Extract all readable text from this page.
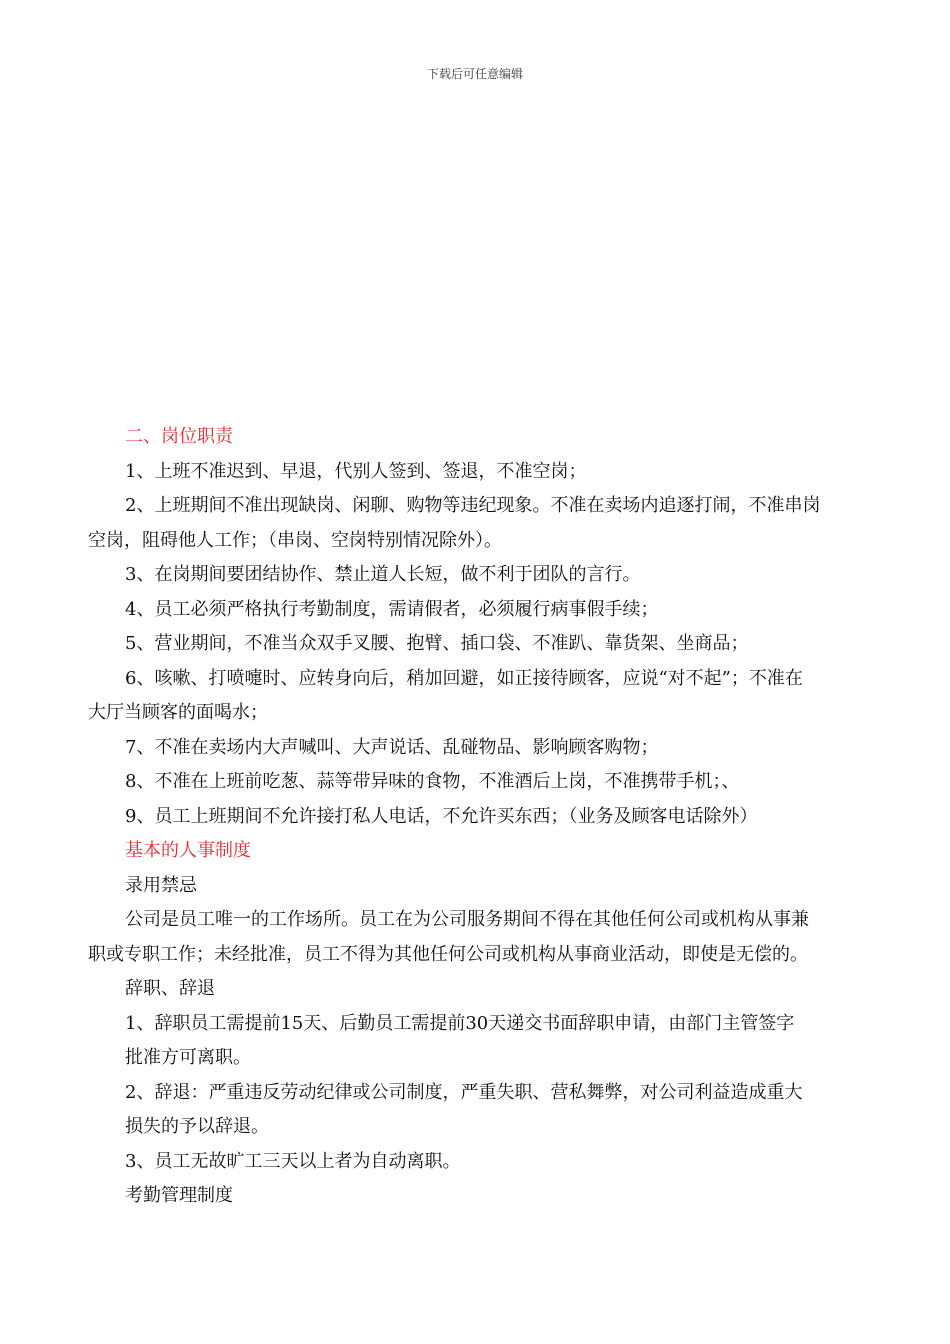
下载后可任意编辑
二、岗位职责
1、上班不准迟到、早退，代别人签到、签退，不准空岗；
2、上班期间不准出现缺岗、闲聊、购物等违纪现象。不准在卖场内追逐打闹，不准串岗
空岗，阻碍他人工作；（串岗、空岗特别情况除外）。
3、在岗期间要团结协作、禁止道人长短，做不利于团队的言行。
4、员工必须严格执行考勤制度，需请假者，必须履行病事假手续；
5、营业期间，不准当众双手叉腰、抱臂、插口袋、不准趴、靠货架、坐商品；
6、咳嗽、打喷嚏时、应转身向后，稍加回避，如正接待顾客，应说“对不起”；不准在
大厅当顾客的面喝水；
7、不准在卖场内大声喊叫、大声说话、乱碰物品、影响顾客购物；
8、不准在上班前吃葱、蒜等带异味的食物，不准酒后上岗，不准携带手机；、
9、员工上班期间不允许接打私人电话，不允许买东西；（业务及顾客电话除外）
基本的人事制度
录用禁忌
公司是员工唯一的工作场所。员工在为公司服务期间不得在其他任何公司或机构从事兼
职或专职工作；未经批准，员工不得为其他任何公司或机构从事商业活动，即使是无偿的。
辞职、辞退
1、辞职员工需提前15天、后勤员工需提前30天递交书面辞职申请，由部门主管签字
批准方可离职。
2、辞退：严重违反劳动纪律或公司制度，严重失职、营私舞弊，对公司利益造成重大
损失的予以辞退。
3、员工无故旷工三天以上者为自动离职。
考勤管理制度
